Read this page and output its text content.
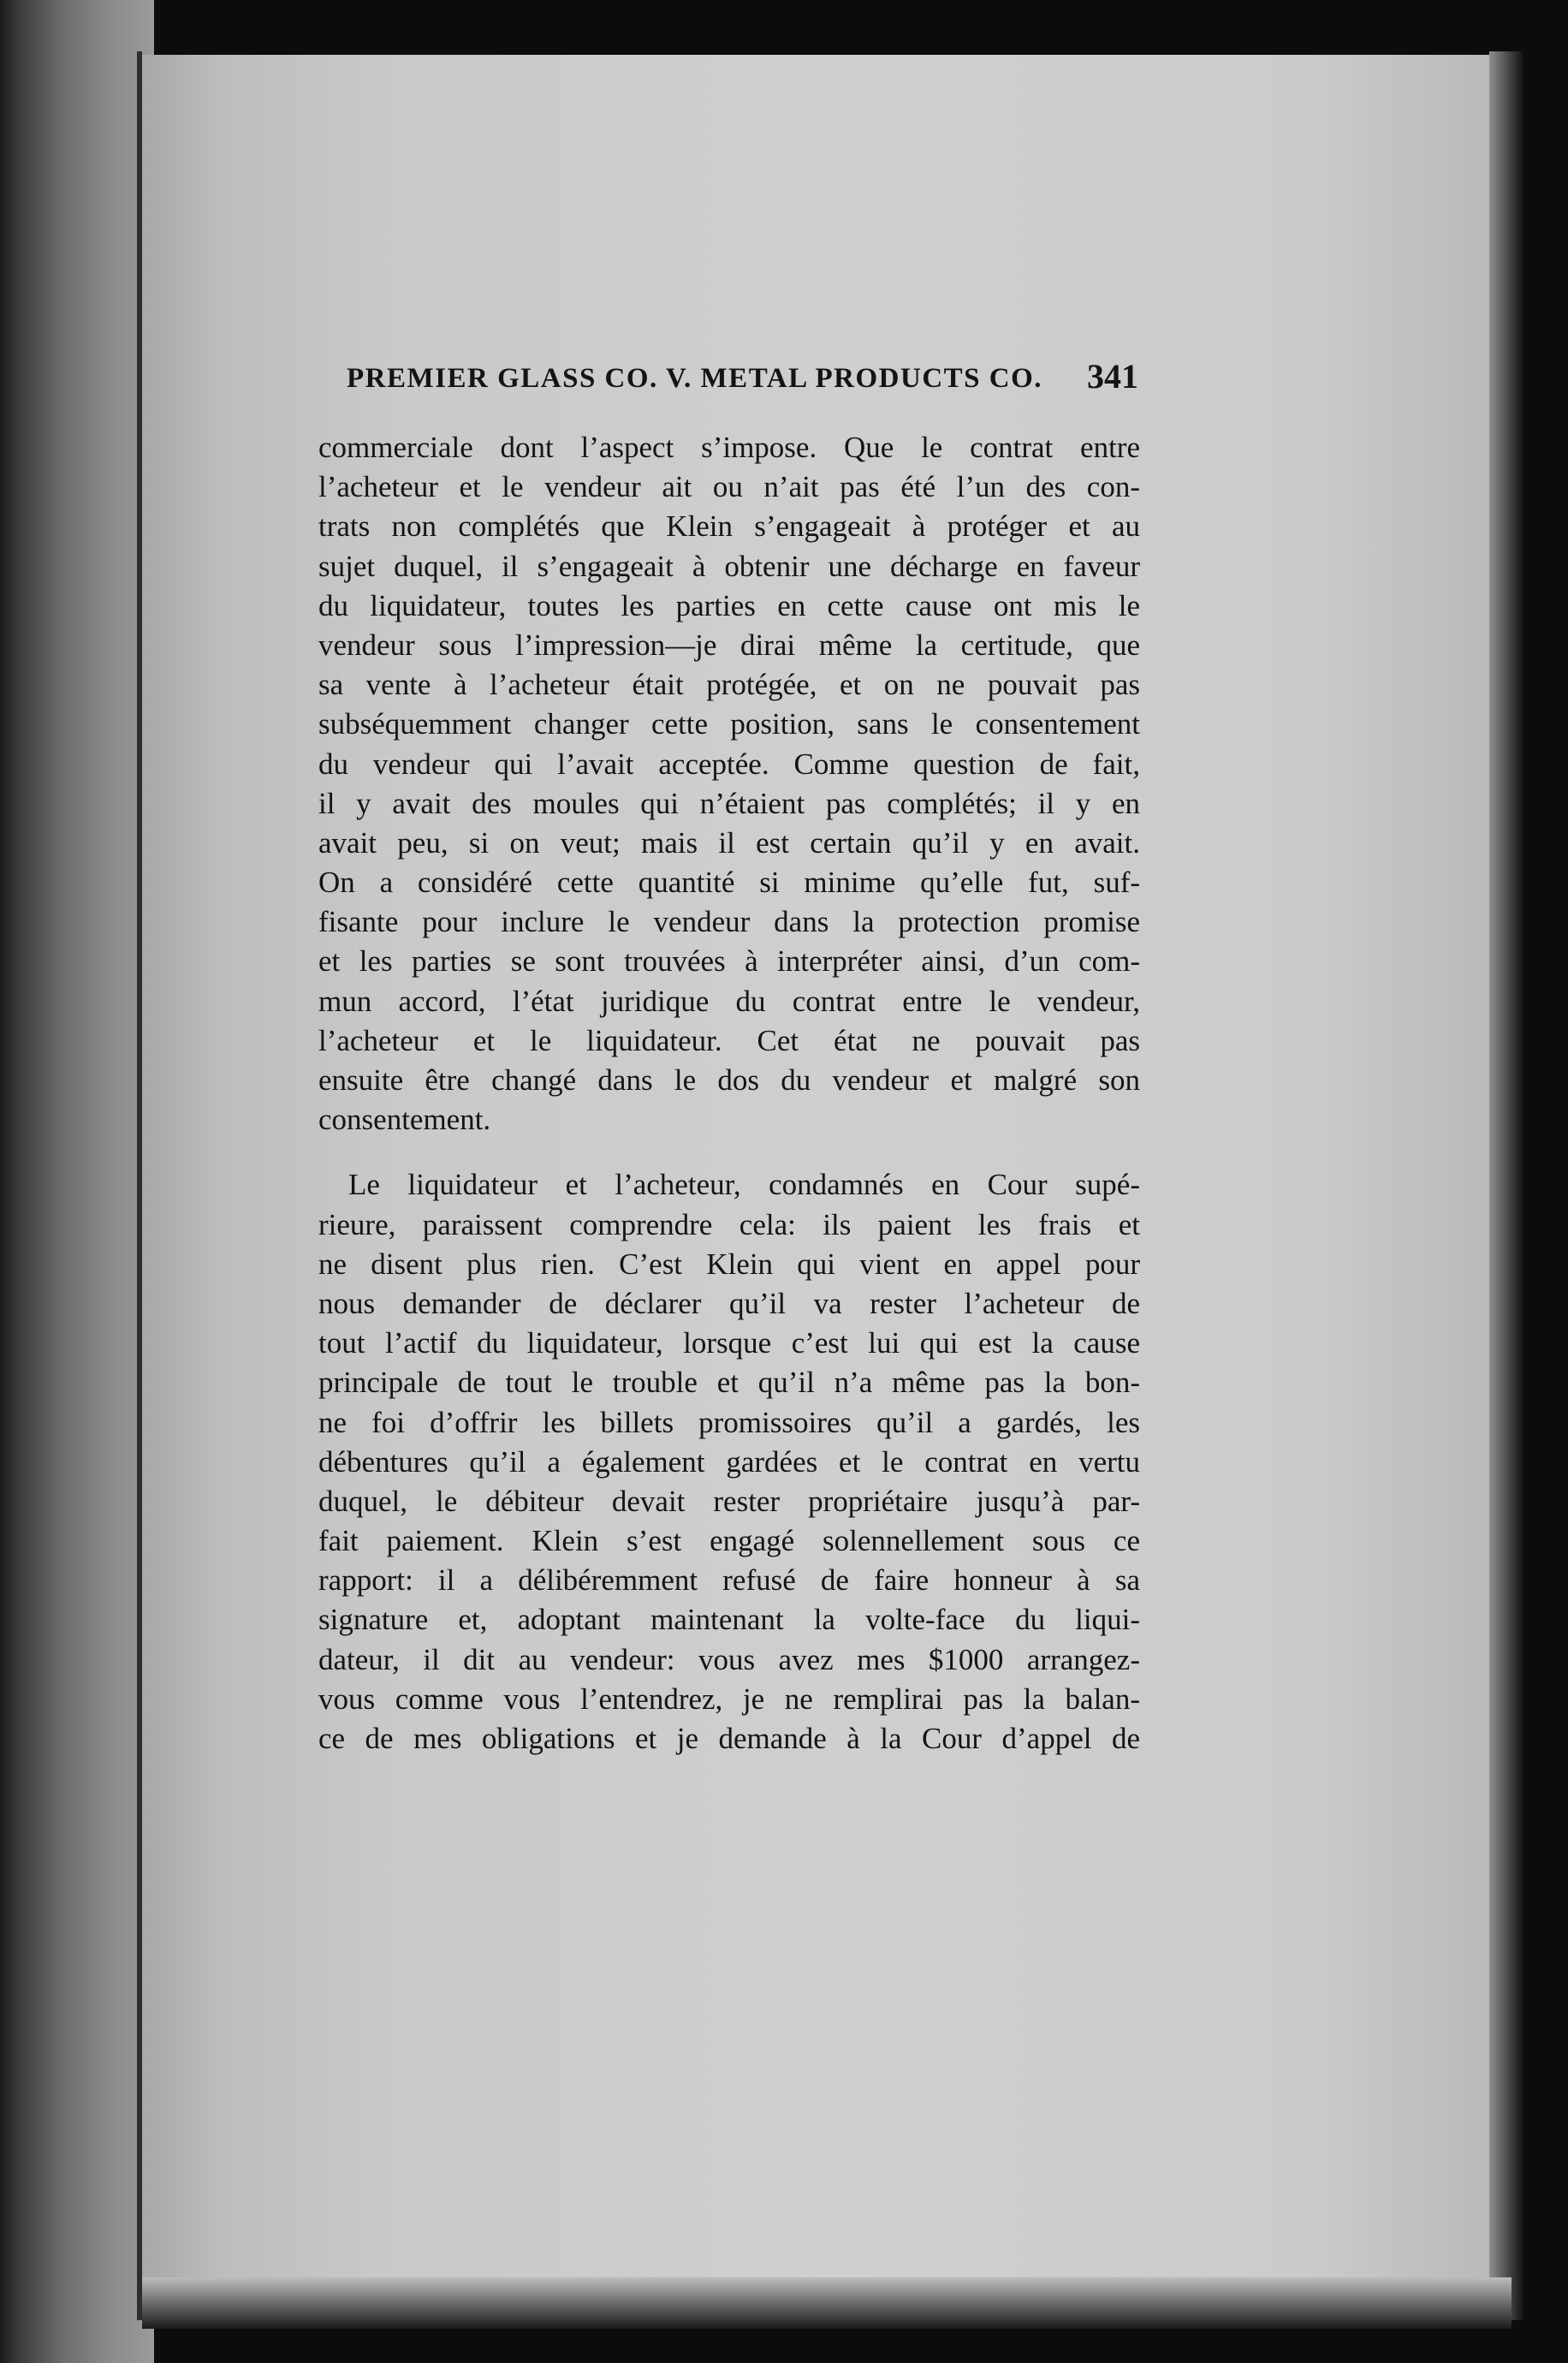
PREMIER GLASS CO. V. METAL PRODUCTS CO. 341
commerciale dont l’aspect s’impose. Que le contrat entre
l’acheteur et le vendeur ait ou n’ait pas été l’un des con-
trats non complétés que Klein s’engageait à protéger et au
sujet duquel, il s’engageait à obtenir une décharge en faveur
du liquidateur, toutes les parties en cette cause ont mis le
vendeur sous l’impression—je dirai même la certitude, que
sa vente à l’acheteur était protégée, et on ne pouvait pas
subséquemment changer cette position, sans le consentement
du vendeur qui l’avait acceptée. Comme question de fait,
il y avait des moules qui n’étaient pas complétés; il y en
avait peu, si on veut; mais il est certain qu’il y en avait.
On a considéré cette quantité si minime qu’elle fut, suf-
fisante pour inclure le vendeur dans la protection promise
et les parties se sont trouvées à interpréter ainsi, d’un com-
mun accord, l’état juridique du contrat entre le vendeur,
l’acheteur et le liquidateur. Cet état ne pouvait pas
ensuite être changé dans le dos du vendeur et malgré son
consentement.
Le liquidateur et l’acheteur, condamnés en Cour supé-
rieure, paraissent comprendre cela: ils paient les frais et
ne disent plus rien. C’est Klein qui vient en appel pour
nous demander de déclarer qu’il va rester l’acheteur de
tout l’actif du liquidateur, lorsque c’est lui qui est la cause
principale de tout le trouble et qu’il n’a même pas la bon-
ne foi d’offrir les billets promissoires qu’il a gardés, les
débentures qu’il a également gardées et le contrat en vertu
duquel, le débiteur devait rester propriétaire jusqu’à par-
fait paiement. Klein s’est engagé solennellement sous ce
rapport: il a délibéremment refusé de faire honneur à sa
signature et, adoptant maintenant la volte-face du liqui-
dateur, il dit au vendeur: vous avez mes $1000 arrangez-
vous comme vous l’entendrez, je ne remplirai pas la balan-
ce de mes obligations et je demande à la Cour d’appel de
